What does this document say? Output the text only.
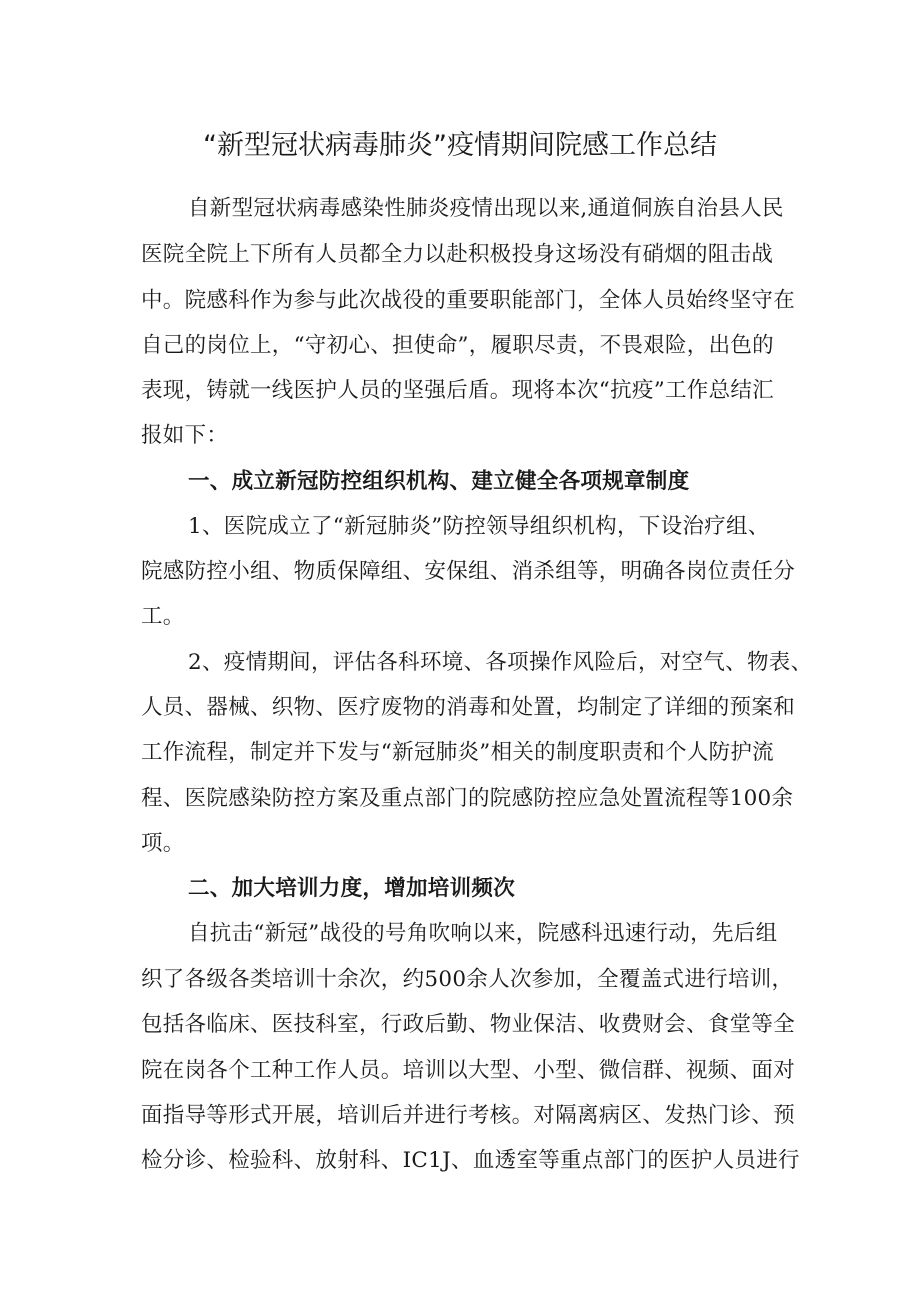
“新型冠状病毒肺炎”疫情期间院感工作总结
自新型冠状病毒感染性肺炎疫情出现以来,通道侗族自治县人民
医院全院上下所有人员都全力以赴积极投身这场没有硝烟的阻击战
中。院感科作为参与此次战役的重要职能部门，全体人员始终坚守在
自己的岗位上，“守初心、担使命”，履职尽责，不畏艰险，出色的
表现，铸就一线医护人员的坚强后盾。现将本次“抗疫”工作总结汇
报如下：
一、成立新冠防控组织机构、建立健全各项规章制度
1、医院成立了“新冠肺炎”防控领导组织机构，下设治疗组、
院感防控小组、物质保障组、安保组、消杀组等，明确各岗位责任分
工。
2、疫情期间，评估各科环境、各项操作风险后，对空气、物表、
人员、器械、织物、医疗废物的消毒和处置，均制定了详细的预案和
工作流程，制定并下发与“新冠肺炎”相关的制度职责和个人防护流
程、医院感染防控方案及重点部门的院感防控应急处置流程等100余
项。
二、加大培训力度，增加培训频次
自抗击“新冠”战役的号角吹响以来，院感科迅速行动，先后组
织了各级各类培训十余次，约500余人次参加，全覆盖式进行培训，
包括各临床、医技科室，行政后勤、物业保洁、收费财会、食堂等全
院在岗各个工种工作人员。培训以大型、小型、微信群、视频、面对
面指导等形式开展，培训后并进行考核。对隔离病区、发热门诊、预
检分诊、检验科、放射科、IC1J、血透室等重点部门的医护人员进行
